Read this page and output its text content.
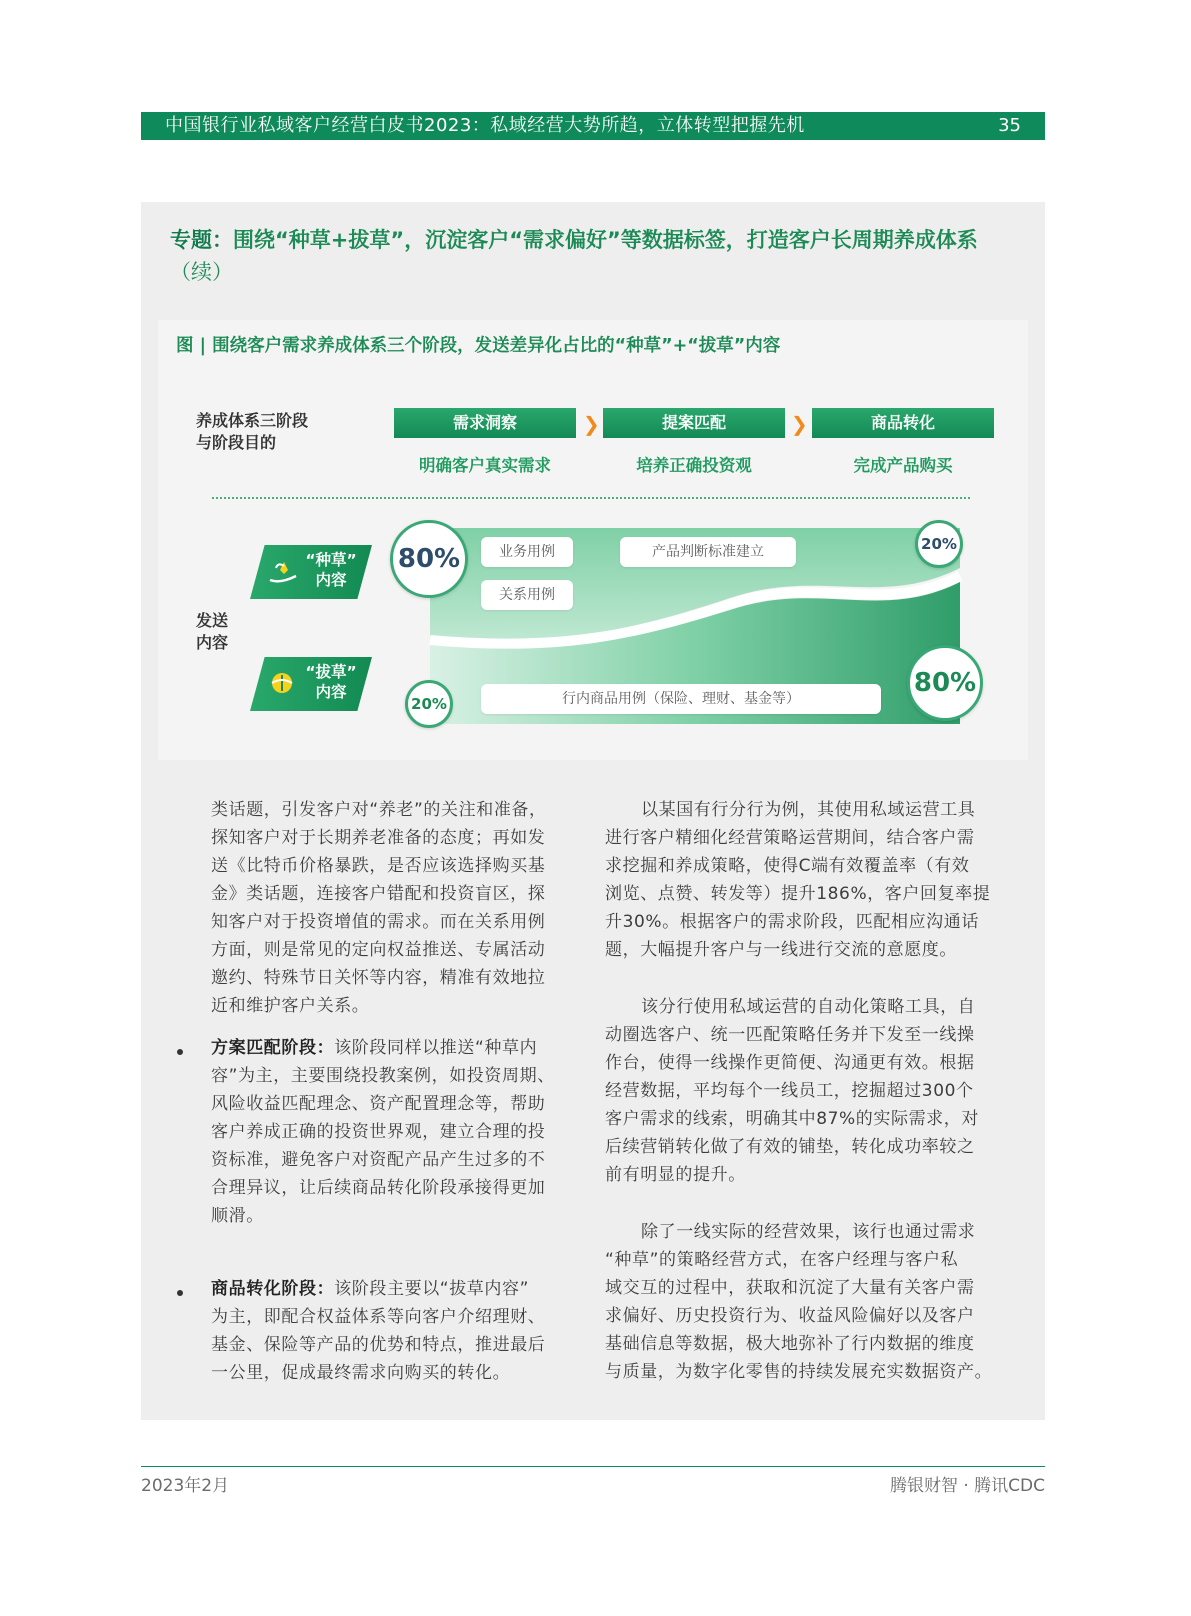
中国银行业私域客户经营白皮书2023：私域经营大势所趋，立体转型把握先机	35
专题：围绕“种草+拔草”，沉淀客户“需求偏好”等数据标签，打造客户长周期养成体系（续）
图 | 围绕客户需求养成体系三个阶段，发送差异化占比的“种草”+“拔草”内容
养成体系三阶段
与阶段目的
需求洞察	❯	提案匹配	❯	商品转化
明确客户真实需求	培养正确投资观	完成产品购买
发送
内容
“种草”
内容
“拔草”
内容
80%	20%
20%
80%
业务用例
关系用例
产品判断标准建立
行内商品用例（保险、理财、基金等）
类话题，引发客户对“养老”的关注和准备，
探知客户对于长期养老准备的态度；再如发
送《比特币价格暴跌，是否应该选择购买基
金》类话题，连接客户错配和投资盲区，探
知客户对于投资增值的需求。而在关系用例
方面，则是常见的定向权益推送、专属活动
邀约、特殊节日关怀等内容，精准有效地拉
近和维护客户关系。
方案匹配阶段：该阶段同样以推送“种草内
容”为主，主要围绕投教案例，如投资周期、
风险收益匹配理念、资产配置理念等，帮助
客户养成正确的投资世界观，建立合理的投
资标准，避免客户对资配产品产生过多的不
合理异议，让后续商品转化阶段承接得更加
顺滑。
商品转化阶段：该阶段主要以“拔草内容”
为主，即配合权益体系等向客户介绍理财、
基金、保险等产品的优势和特点，推进最后
一公里，促成最终需求向购买的转化。
以某国有行分行为例，其使用私域运营工具
进行客户精细化经营策略运营期间，结合客户需
求挖掘和养成策略，使得C端有效覆盖率（有效
浏览、点赞、转发等）提升186%，客户回复率提
升30%。根据客户的需求阶段，匹配相应沟通话
题，大幅提升客户与一线进行交流的意愿度。
该分行使用私域运营的自动化策略工具，自
动圈选客户、统一匹配策略任务并下发至一线操
作台，使得一线操作更简便、沟通更有效。根据
经营数据，平均每个一线员工，挖掘超过300个
客户需求的线索，明确其中87%的实际需求，对
后续营销转化做了有效的铺垫，转化成功率较之
前有明显的提升。
除了一线实际的经营效果，该行也通过需求
“种草”的策略经营方式，在客户经理与客户私
域交互的过程中，获取和沉淀了大量有关客户需
求偏好、历史投资行为、收益风险偏好以及客户
基础信息等数据，极大地弥补了行内数据的维度
与质量，为数字化零售的持续发展充实数据资产。
2023年2月	腾银财智 · 腾讯CDC
